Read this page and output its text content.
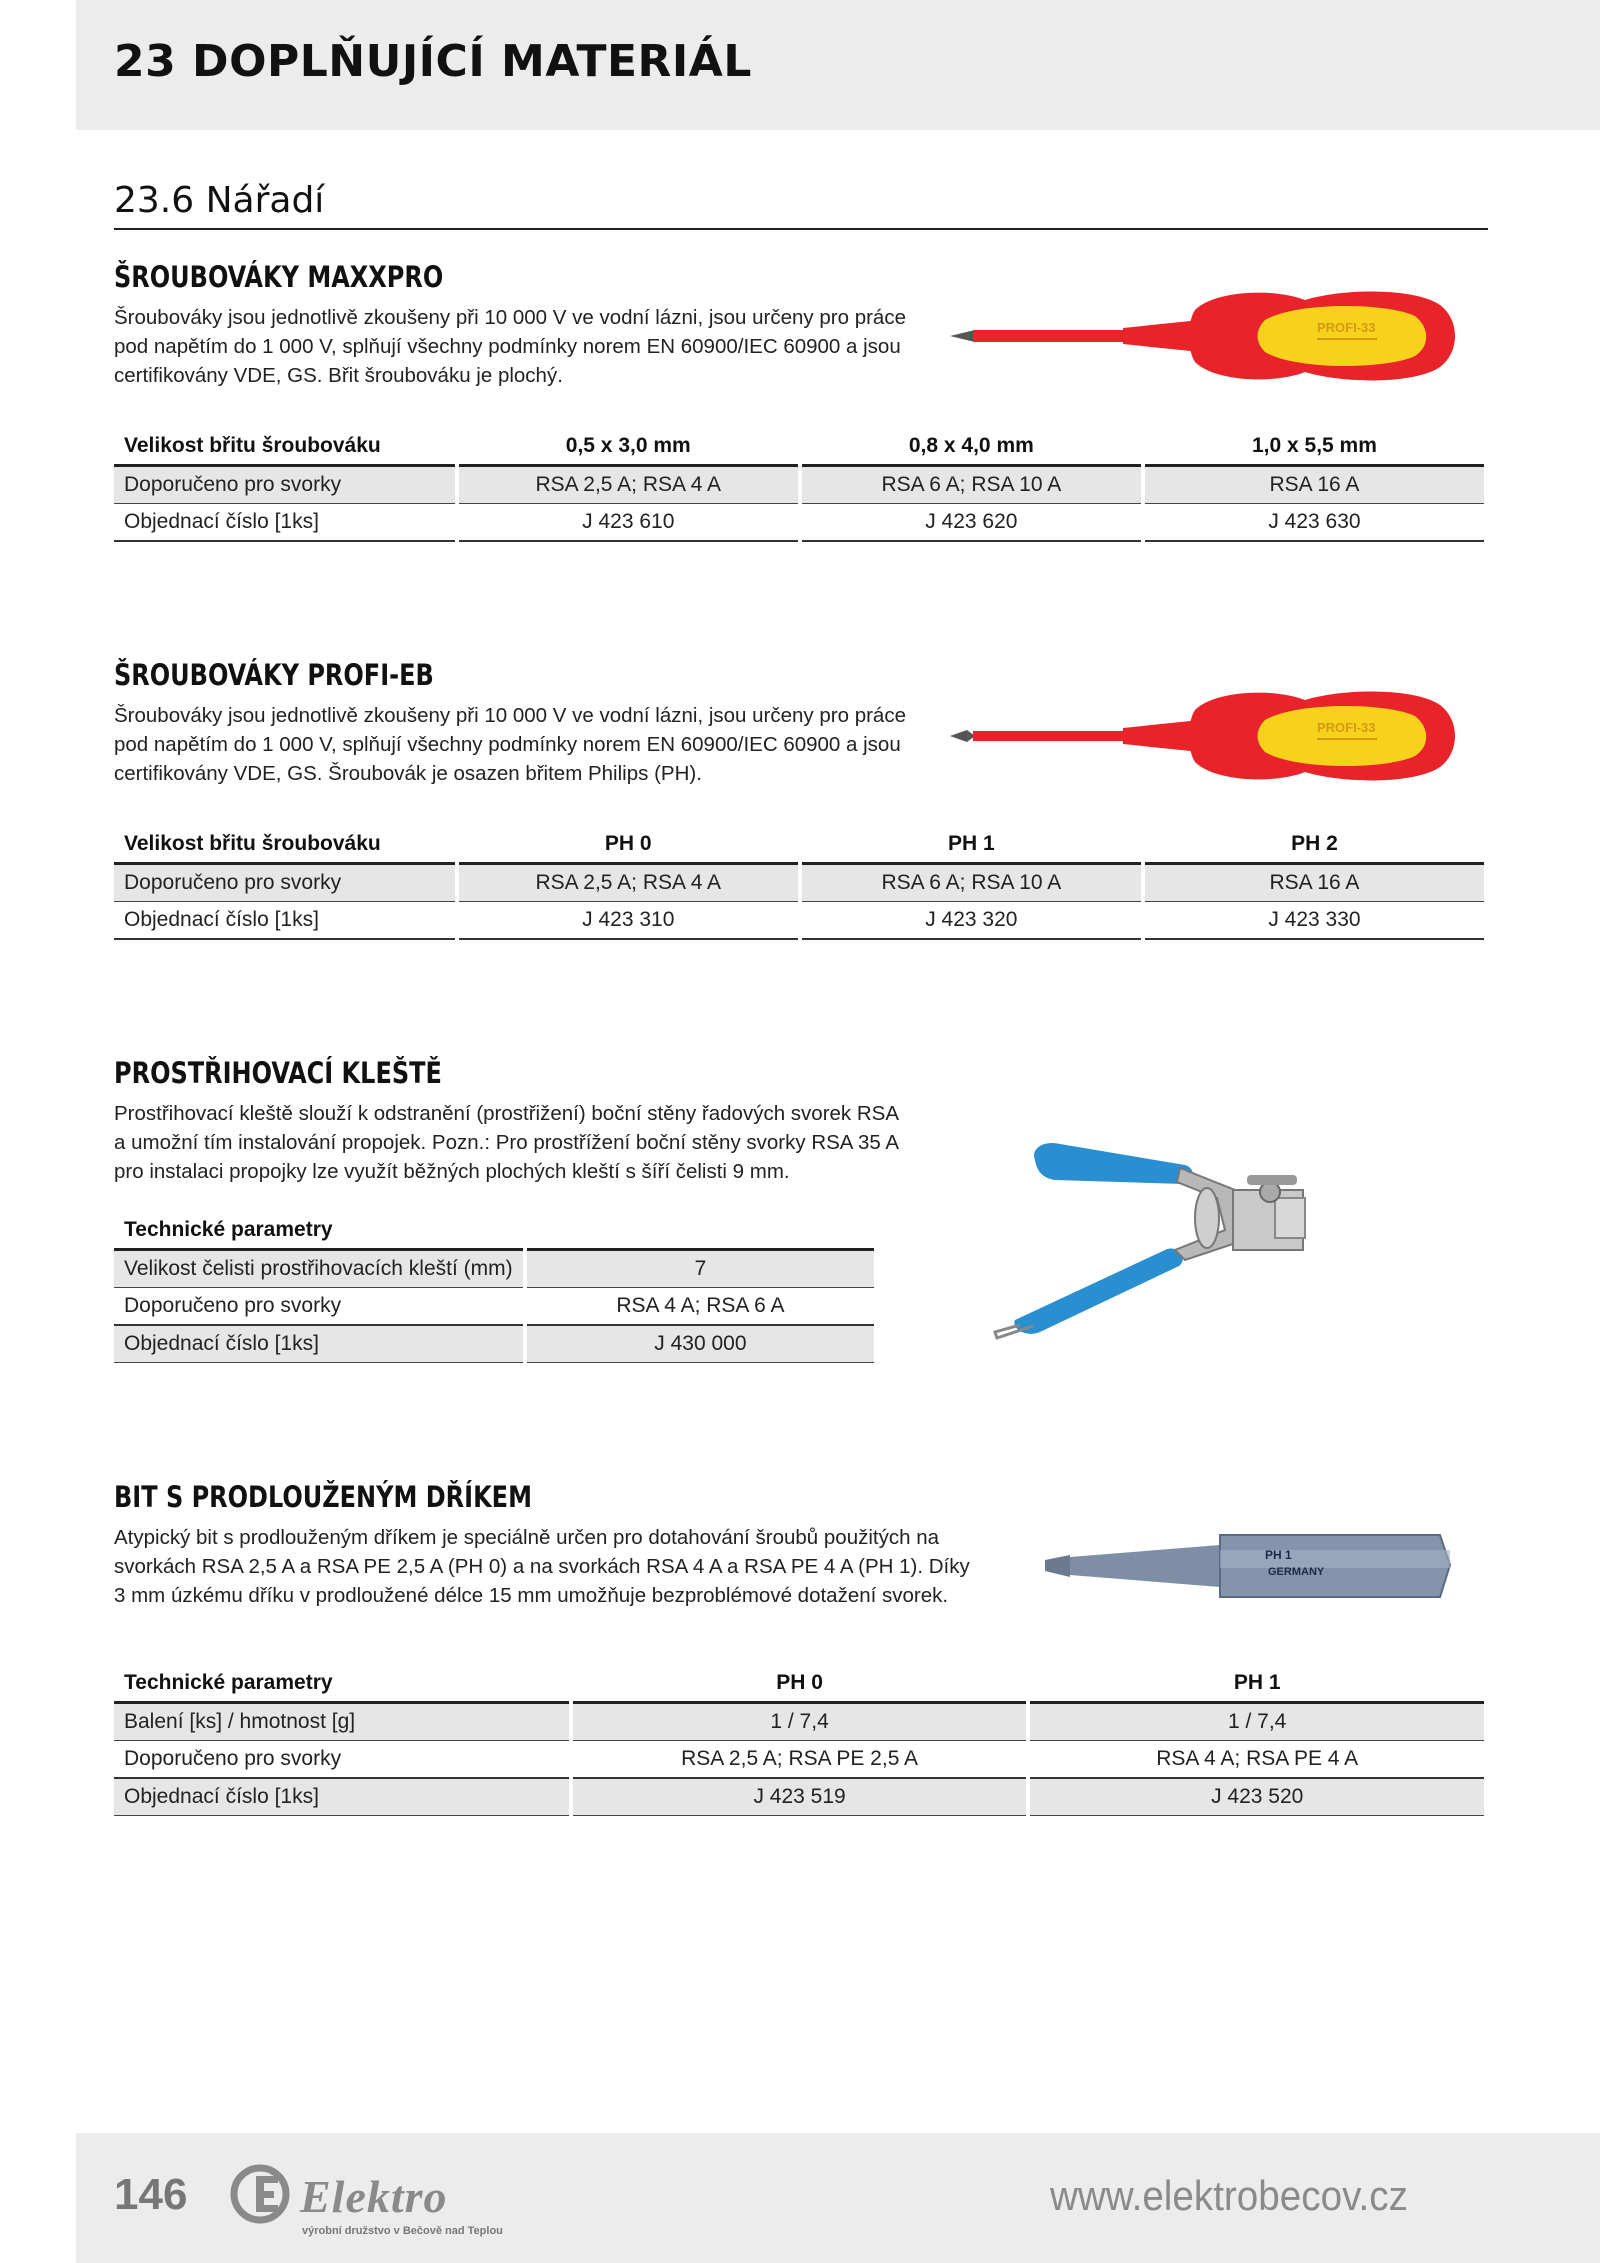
23 DOPLŇUJÍCÍ MATERIÁL
23.6 Nářadí
ŠROUBOVÁKY MAXXPRO
Šroubováky jsou jednotlivě zkoušeny při 10 000 V ve vodní lázni, jsou určeny pro práce
pod napětím do 1 000 V, splňují všechny podmínky norem EN 60900/IEC 60900 a jsou
certifikovány VDE, GS. Břit šroubováku je plochý.
PROFI-33
Velikost břitu šroubováku	0,5 x 3,0 mm	0,8 x 4,0 mm	1,0 x 5,5 mm
Doporučeno pro svorky	RSA 2,5 A; RSA 4 A	RSA 6 A; RSA 10 A	RSA 16 A
Objednací číslo [1ks]	J 423 610	J 423 620	J 423 630
ŠROUBOVÁKY PROFI-EB
Šroubováky jsou jednotlivě zkoušeny při 10 000 V ve vodní lázni, jsou určeny pro práce
pod napětím do 1 000 V, splňují všechny podmínky norem EN 60900/IEC 60900 a jsou
certifikovány VDE, GS. Šroubovák je osazen břitem Philips (PH).
PROFI-33
Velikost břitu šroubováku	PH 0	PH 1	PH 2
Doporučeno pro svorky	RSA 2,5 A; RSA 4 A	RSA 6 A; RSA 10 A	RSA 16 A
Objednací číslo [1ks]	J 423 310	J 423 320	J 423 330
PROSTŘIHOVACÍ KLEŠTĚ
Prostřihovací kleště slouží k odstranění (prostřižení) boční stěny řadových svorek RSA
a umožní tím instalování propojek. Pozn.: Pro prostřížení boční stěny svorky RSA 35 A
pro instalaci propojky lze využít běžných plochých kleští s šíří čelisti 9 mm.
Technické parametry	
Velikost čelisti prostřihovacích kleští (mm)	7
Doporučeno pro svorky	RSA 4 A; RSA 6 A
Objednací číslo [1ks]	J 430 000
BIT S PRODLOUŽENÝM DŘÍKEM
Atypický bit s prodlouženým dříkem je speciálně určen pro dotahování šroubů použitých na
svorkách RSA 2,5 A a RSA PE 2,5 A (PH 0) a na svorkách RSA 4 A a RSA PE 4 A (PH 1). Díky
3 mm úzkému dříku v prodloužené délce 15 mm umožňuje bezproblémové dotažení svorek.
PH 1
GERMANY
Technické parametry	PH 0	PH 1
Balení [ks] / hmotnost [g]	1 / 7,4	1 / 7,4
Doporučeno pro svorky	RSA 2,5 A; RSA PE 2,5 A	RSA 4 A; RSA PE 4 A
Objednací číslo [1ks]	J 423 519	J 423 520
146 Elektro
výrobní družstvo v Bečově nad Teplou
www.elektrobecov.cz
